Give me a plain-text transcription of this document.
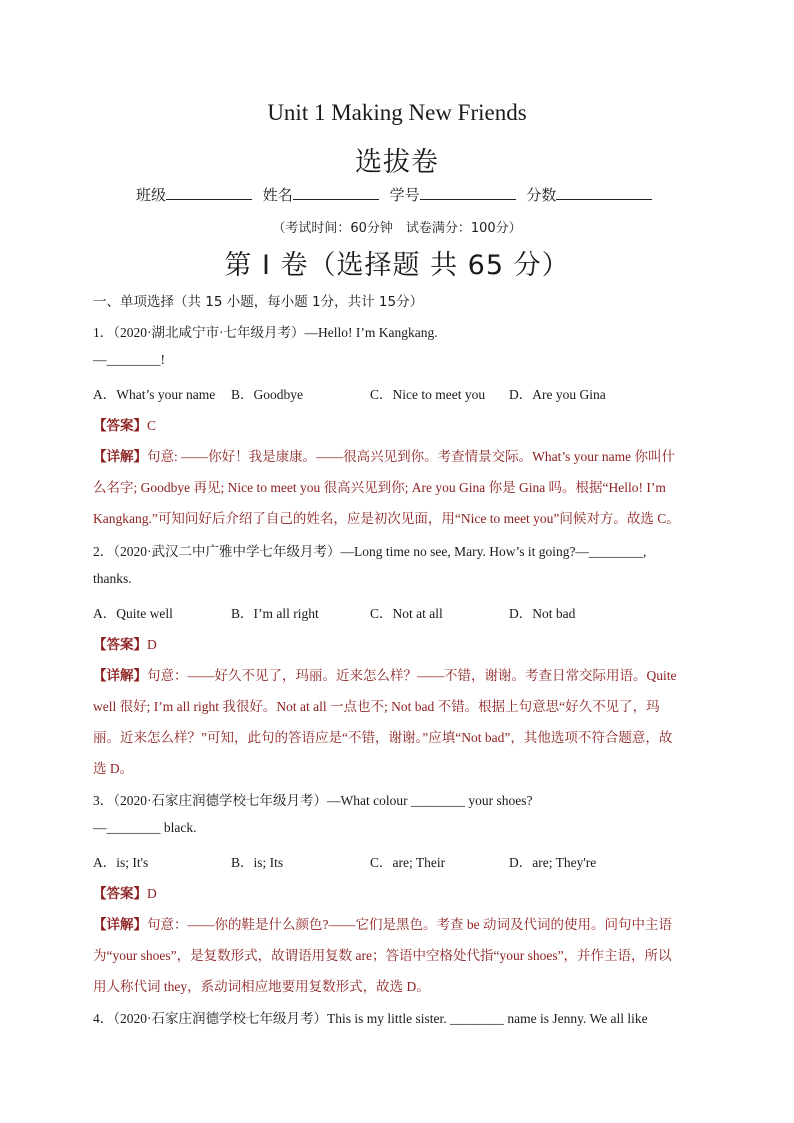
Unit 1 Making New Friends
选拔卷
班级	姓名	学号	分数
（考试时间：60分钟　试卷满分：100分）
第 I 卷（选择题 共 65 分）
一、单项选择（共 15 小题，每小题 1分，共计 15分）
1．（2020·湖北咸宁市·七年级月考）—Hello! I’m Kangkang.
—________!
A．What’s your name B．Goodbye	C．Nice to meet you D．Are you Gina
【答案】C
【详解】句意: ——你好！我是康康。——很高兴见到你。考查情景交际。What’s your name 你叫什
么名字; Goodbye 再见; Nice to meet you 很高兴见到你; Are you Gina 你是 Gina 吗。根据“Hello! I’m
Kangkang.”可知问好后介绍了自己的姓名，应是初次见面，用“Nice to meet you”问候对方。故选 C。
2．（2020·武汉二中广雅中学七年级月考）—Long time no see, Mary. How’s it going?—________,
thanks.
A．Quite well	B．I’m all right	C．Not at all	D．Not bad
【答案】D
【详解】句意：——好久不见了，玛丽。近来怎么样？——不错，谢谢。考查日常交际用语。Quite
well 很好; I’m all right 我很好。Not at all 一点也不; Not bad 不错。根据上句意思“好久不见了，玛
丽。近来怎么样？”可知，此句的答语应是“不错，谢谢。”应填“Not bad”，其他选项不符合题意，故
选 D。
3．（2020·石家庄润德学校七年级月考）—What colour ________ your shoes?
—________ black.
A．is; It's	B．is; Its	C．are; Their	D．are; They're
【答案】D
【详解】句意：——你的鞋是什么颜色?——它们是黑色。考查 be 动词及代词的使用。问句中主语
为“your shoes”，是复数形式，故谓语用复数 are；答语中空格处代指“your shoes”，并作主语，所以
用人称代词 they，系动词相应地要用复数形式，故选 D。
4．（2020·石家庄润德学校七年级月考）This is my little sister. ________ name is Jenny. We all like
